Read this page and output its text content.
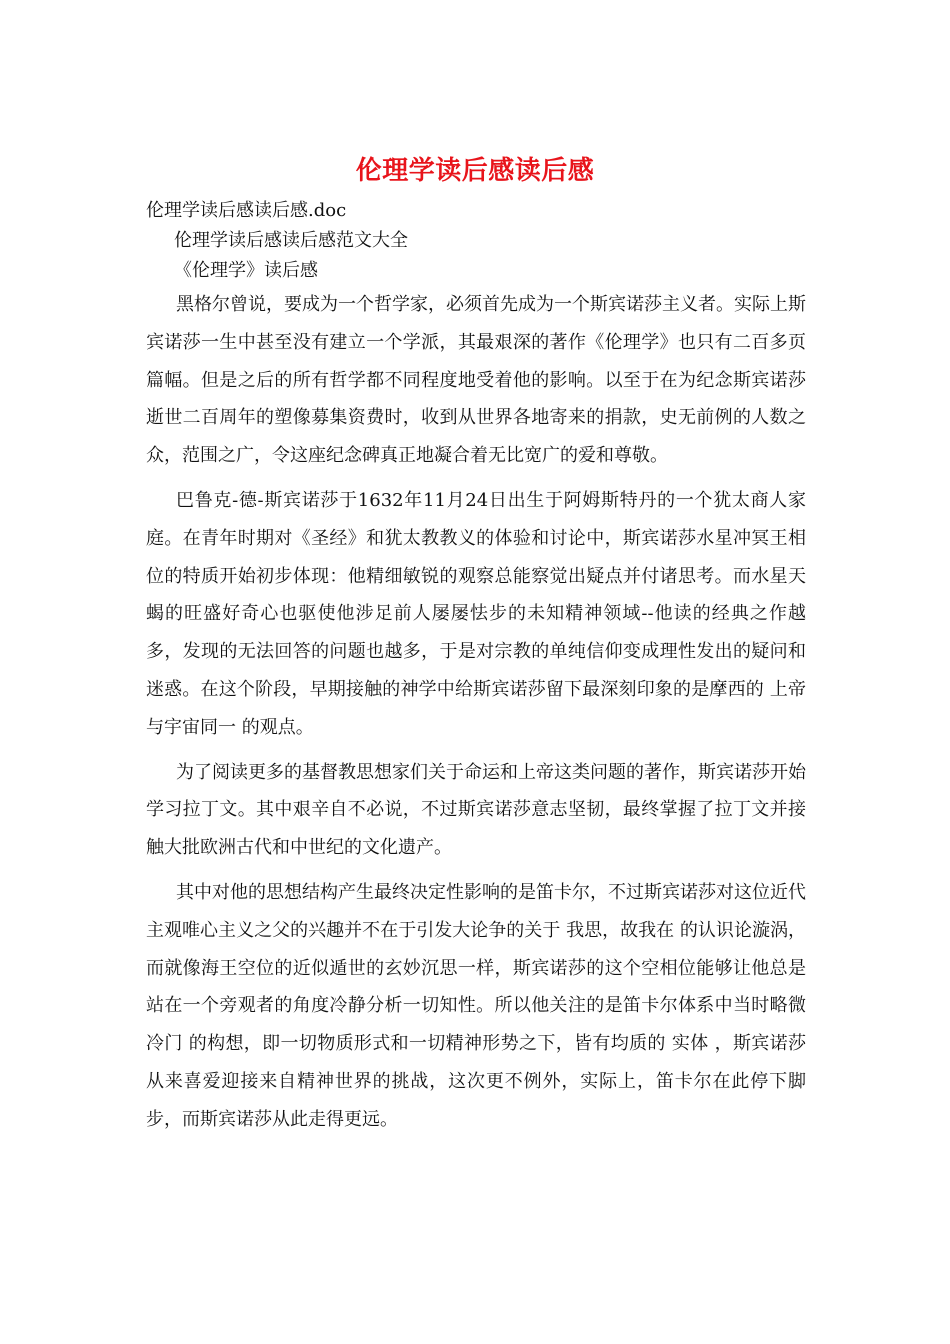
伦理学读后感读后感

伦理学读后感读后感.doc

伦理学读后感读后感范文大全

《伦理学》读后感

黑格尔曾说，要成为一个哲学家，必须首先成为一个斯宾诺莎主义者。实际上斯宾诺莎一生中甚至没有建立一个学派，其最艰深的著作《伦理学》也只有二百多页篇幅。但是之后的所有哲学都不同程度地受着他的影响。以至于在为纪念斯宾诺莎逝世二百周年的塑像募集资费时，收到从世界各地寄来的捐款，史无前例的人数之众，范围之广，令这座纪念碑真正地凝合着无比宽广的爱和尊敬。

巴鲁克-德-斯宾诺莎于1632年11月24日出生于阿姆斯特丹的一个犹太商人家庭。在青年时期对《圣经》和犹太教教义的体验和讨论中，斯宾诺莎水星冲冥王相位的特质开始初步体现：他精细敏锐的观察总能察觉出疑点并付诸思考。而水星天蝎的旺盛好奇心也驱使他涉足前人屡屡怯步的未知精神领域--他读的经典之作越多，发现的无法回答的问题也越多，于是对宗教的单纯信仰变成理性发出的疑问和迷惑。在这个阶段，早期接触的神学中给斯宾诺莎留下最深刻印象的是摩西的 上帝与宇宙同一 的观点。

为了阅读更多的基督教思想家们关于命运和上帝这类问题的著作，斯宾诺莎开始学习拉丁文。其中艰辛自不必说，不过斯宾诺莎意志坚韧，最终掌握了拉丁文并接触大批欧洲古代和中世纪的文化遗产。

其中对他的思想结构产生最终决定性影响的是笛卡尔，不过斯宾诺莎对这位近代主观唯心主义之父的兴趣并不在于引发大论争的关于 我思，故我在 的认识论漩涡，而就像海王空位的近似遁世的玄妙沉思一样，斯宾诺莎的这个空相位能够让他总是站在一个旁观者的角度冷静分析一切知性。所以他关注的是笛卡尔体系中当时略微 冷门 的构想，即一切物质形式和一切精神形势之下，皆有均质的 实体 ，斯宾诺莎从来喜爱迎接来自精神世界的挑战，这次更不例外，实际上，笛卡尔在此停下脚步，而斯宾诺莎从此走得更远。
